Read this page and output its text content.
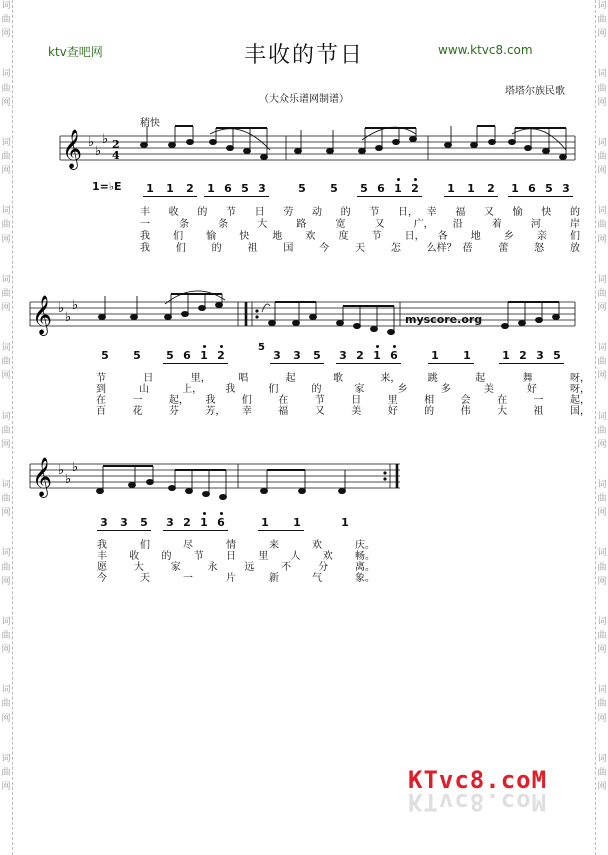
词
曲
网
词
曲
网
词
曲
网
词
曲
网
词
曲
网
词
曲
网
词
曲
网
词
曲
网
词
曲
网
词
曲
网
词
曲
网
词
曲
网
词
曲
网
词
曲
网
词
曲
网
词
曲
网
词
曲
网
词
曲
网
词
曲
网
词
曲
网
词
曲
网
词
曲
网
词
曲
网
词
曲
网
ktv查吧网	丰收的节日	www.ktvc8.com
（大众乐谱网制谱）
塔塔尔族民歌
稍快
1=♭E
𝄞 ♭
♭
♭ 2
4
𝄞 ♭
♭
♭
𝄞 ♭
♭
♭
1 1 2 1 6 5 3	5 5 5 6 1 2	1 1 2 1 6 5 3
丰 收 的 节 日 劳 动 的 节 日， 幸 福 又 愉 快 的
一	条	条	大	路	宽	又	广， 沿	着	河	岸
我 们 愉 快 地 欢 度 节 日， 各 地 乡 亲 们
我	们	的	祖	国	今	天	怎	么样？ 蓓	蕾	怒	放
5 5 5 6 1 2	3 3 5 3 2 1 6	1 1	1 2 3 5
节	日	里，	唱	起	歌	来，	跳	起	舞	呀，
到	山	上， 我	们	的	家	乡	多	美	好	呀，
在	一	起， 我	们	在	节	日	里	相	会	在	一	起，
百	花	芬	芳， 幸	福	又	美	好	的	伟	大	祖	国，
3 3 5 3 2 1 6	1 1	1
我	们	尽	情	来	欢	庆。
丰 收 的 节 日 里 人 欢 畅。
愿	大	家	永	远	不	分	离。
今	天	一	片	新	气	象。
5
myscore.org
KTvc8.coM
KTvc8.coM
